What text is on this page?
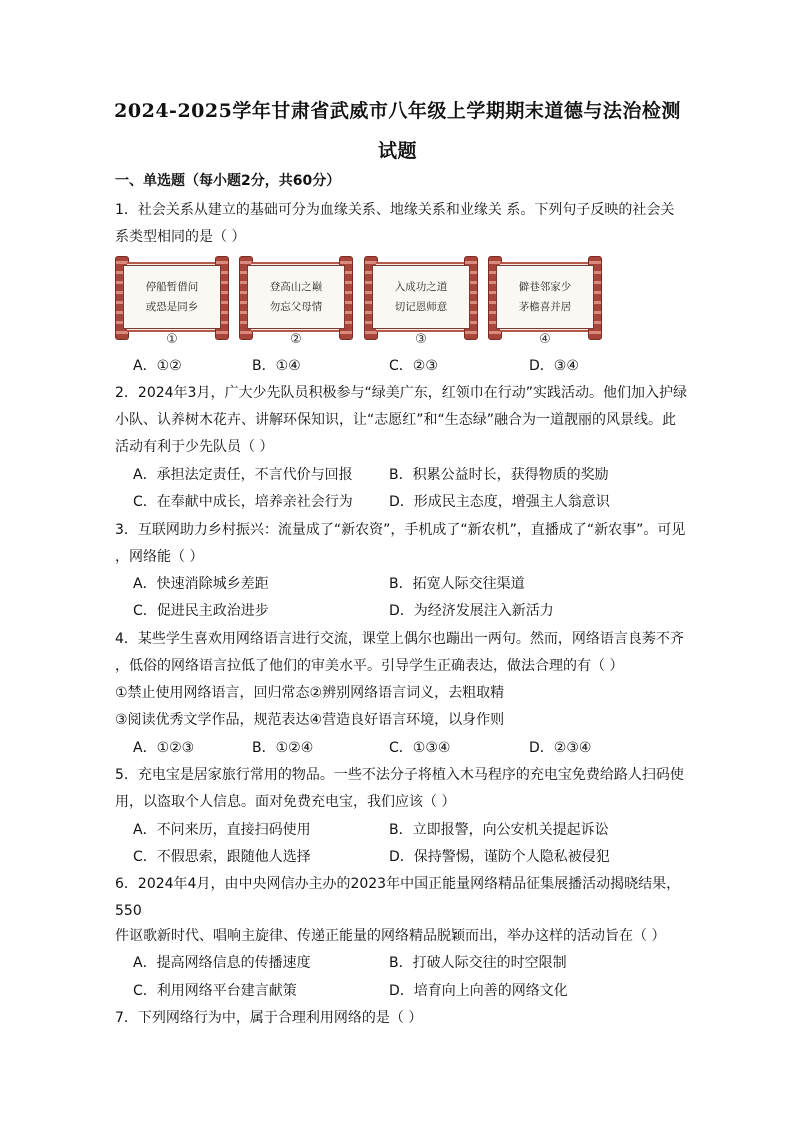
2024-2025学年甘肃省武威市八年级上学期期末道德与法治检测
试题
一、单选题（每小题2分，共60分）
1．社会关系从建立的基础可分为血缘关系、地缘关系和业缘关 系。下列句子反映的社会关
系类型相同的是（ ）
停船暂借问
或恐是同乡
登高山之巅
勿忘父母情
入成功之道
切记恩师意
僻巷邻家少
茅檐喜并居
①	②	③	④
A．①②	B．①④	C．②③	D．③④
2．2024年3月，广大少先队员积极参与“绿美广东，红领巾在行动”实践活动。他们加入护绿
小队、认养树木花卉、讲解环保知识，让“志愿红”和“生态绿”融合为一道靓丽的风景线。此
活动有利于少先队员（ ）
A．承担法定责任，不言代价与回报	B．积累公益时长，获得物质的奖励
C．在奉献中成长，培养亲社会行为	D．形成民主态度，增强主人翁意识
3．互联网助力乡村振兴：流量成了“新农资”，手机成了“新农机”，直播成了“新农事”。可见
，网络能（ ）
A．快速消除城乡差距	B．拓宽人际交往渠道
C．促进民主政治进步	D．为经济发展注入新活力
4．某些学生喜欢用网络语言进行交流，课堂上偶尔也蹦出一两句。然而，网络语言良莠不齐
，低俗的网络语言拉低了他们的审美水平。引导学生正确表达，做法合理的有（ ）
①禁止使用网络语言，回归常态②辨别网络语言词义，去粗取精
③阅读优秀文学作品，规范表达④营造良好语言环境，以身作则
A．①②③	B．①②④	C．①③④	D．②③④
5．充电宝是居家旅行常用的物品。一些不法分子将植入木马程序的充电宝免费给路人扫码使
用，以盗取个人信息。面对免费充电宝，我们应该（ ）
A．不问来历，直接扫码使用	B．立即报警，向公安机关提起诉讼
C．不假思索，跟随他人选择	D．保持警惕，谨防个人隐私被侵犯
6．2024年4月，由中央网信办主办的2023年中国正能量网络精品征集展播活动揭晓结果，
550
件讴歌新时代、唱响主旋律、传递正能量的网络精品脱颖而出，举办这样的活动旨在（ ）
A．提高网络信息的传播速度	B．打破人际交往的时空限制
C．利用网络平台建言献策	D．培育向上向善的网络文化
7．下列网络行为中，属于合理利用网络的是（ ）
